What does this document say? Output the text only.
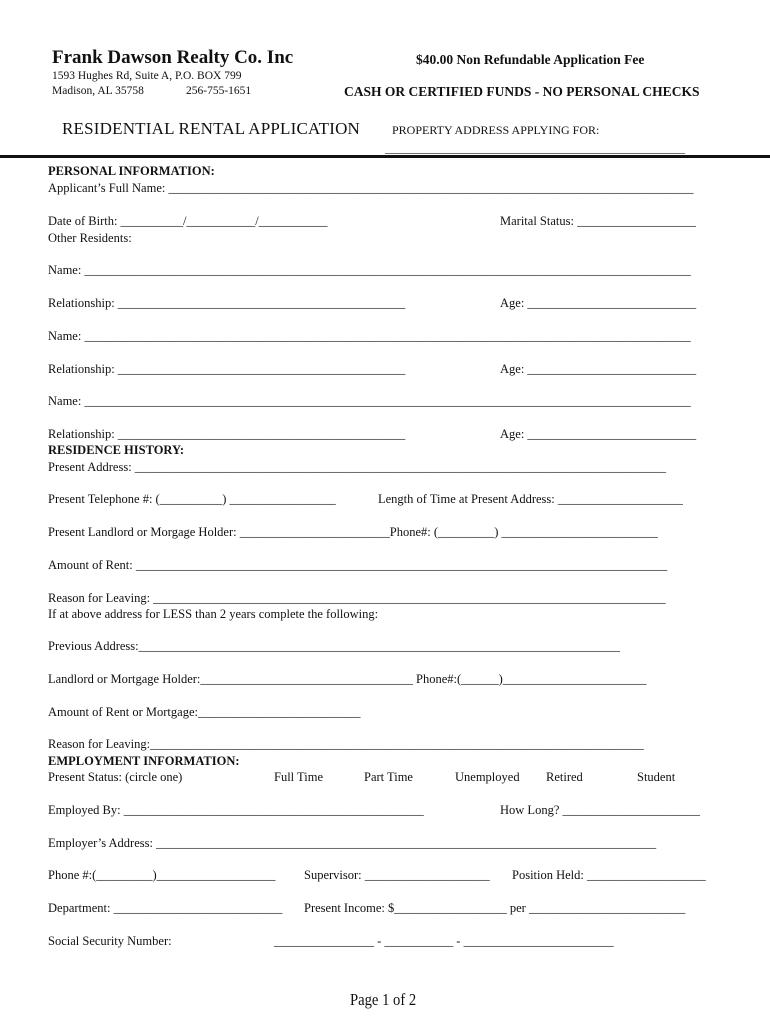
Frank Dawson Realty Co. Inc
1593 Hughes Rd, Suite A, P.O. BOX 799
Madison, AL 35758	256-755-1651
$40.00 Non Refundable Application Fee
CASH OR CERTIFIED FUNDS - NO PERSONAL CHECKS
RESIDENTIAL RENTAL APPLICATION	PROPERTY ADDRESS APPLYING FOR:
__________________________________________________
PERSONAL INFORMATION:
Applicant’s Full Name: ____________________________________________________________________________________
Date of Birth: __________/___________/___________	Marital Status: ___________________
Other Residents:
Name: _________________________________________________________________________________________________
Relationship: ______________________________________________	Age: ___________________________
Name: _________________________________________________________________________________________________
Relationship: ______________________________________________	Age: ___________________________
Name: _________________________________________________________________________________________________
Relationship: ______________________________________________	Age: ___________________________
RESIDENCE HISTORY:
Present Address: _____________________________________________________________________________________
Present Telephone #: (__________) _________________	Length of Time at Present Address: ____________________
Present Landlord or Morgage Holder: ________________________Phone#: (_________) _________________________
Amount of Rent: _____________________________________________________________________________________
Reason for Leaving: __________________________________________________________________________________
If at above address for LESS than 2 years complete the following:
Previous Address:_____________________________________________________________________________
Landlord or Mortgage Holder:__________________________________ Phone#:(______)_______________________
Amount of Rent or Mortgage:__________________________
Reason for Leaving:_______________________________________________________________________________
EMPLOYMENT INFORMATION:
Present Status: (circle one)	Full Time	Part Time	Unemployed Retired	Student
Employed By: ________________________________________________	How Long? ______________________
Employer’s Address: ________________________________________________________________________________
Phone #:(_________)___________________ Supervisor: ____________________ Position Held: ___________________
Department: ___________________________ Present Income: $__________________ per _________________________
Social Security Number:	________________ - ___________ - ________________________
Page 1 of 2
